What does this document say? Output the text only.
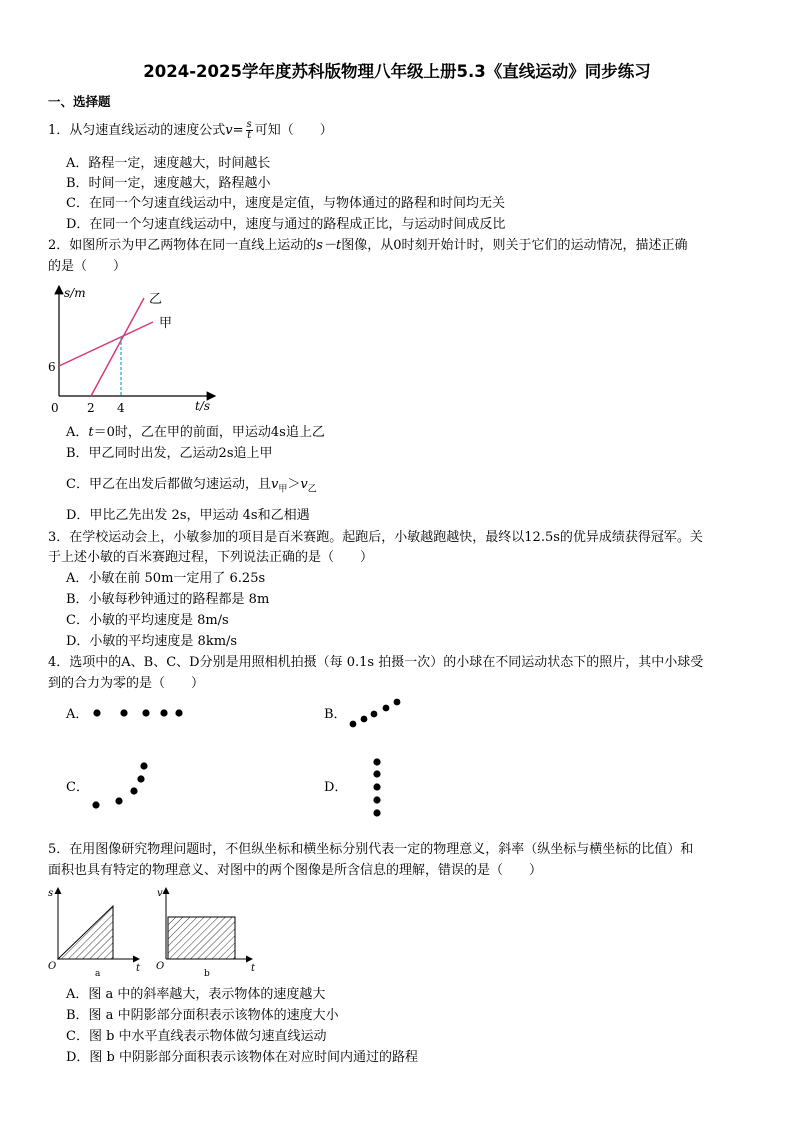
2024-2025学年度苏科版物理八年级上册5.3《直线运动》同步练习
一、选择题
1．从匀速直线运动的速度公式$v= \frac{s}{t}$ 可知（　　）
A．路程一定，速度越大，时间越长
B．时间一定，速度越大，路程越小
C．在同一个匀速直线运动中，速度是定值，与物体通过的路程和时间均无关
D．在同一个匀速直线运动中，速度与通过的路程成正比，与运动时间成反比
2．如图所示为甲乙两物体在同一直线上运动的s－t图像，从0时刻开始计时，则关于它们的运动情况，描述正确
的是（　　）
s/m
t/s
0 2 4
6
乙
甲
A．t＝0时，乙在甲的前面，甲运动4s追上乙
B．甲乙同时出发，乙运动2s追上甲
C．甲乙在出发后都做匀速运动，且$v_甲>v_乙$
D．甲比乙先出发 2s，甲运动 4s和乙相遇
3．在学校运动会上，小敏参加的项目是百米赛跑。起跑后，小敏越跑越快，最终以12.5s的优异成绩获得冠军。关
于上述小敏的百米赛跑过程，下列说法正确的是（　　）
A．小敏在前 50m一定用了 6.25s
B．小敏每秒钟通过的路程都是 8m
C．小敏的平均速度是 8m/s
D．小敏的平均速度是 8km/s
4．选项中的A、B、C、D分别是用照相机拍摄（每 0.1s 拍摄一次）的小球在不同运动状态下的照片，其中小球受
到的合力为零的是（　　）
A．	B．
C．	D．
5．在用图像研究物理问题时，不但纵坐标和横坐标分别代表一定的物理意义，斜率（纵坐标与横坐标的比值）和
面积也具有特定的物理意义、对图中的两个图像是所含信息的理解，错误的是（　　）
s
t
O
a
v
t
O
b
A．图 a 中的斜率越大，表示物体的速度越大
B．图 a 中阴影部分面积表示该物体的速度大小
C．图 b 中水平直线表示物体做匀速直线运动
D．图 b 中阴影部分面积表示该物体在对应时间内通过的路程
